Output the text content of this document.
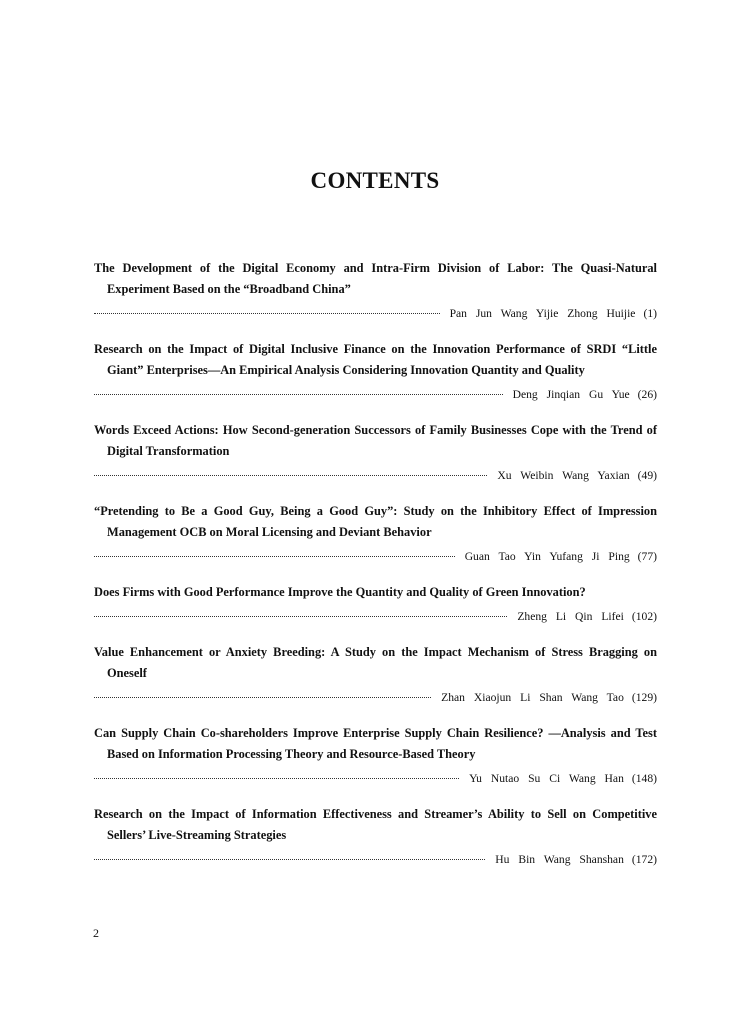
CONTENTS
The Development of the Digital Economy and Intra-Firm Division of Labor: The Quasi-Natural Experiment Based on the “Broadband China”
Pan Jun Wang Yijie Zhong Huijie (1)
Research on the Impact of Digital Inclusive Finance on the Innovation Performance of SRDI “Little Giant” Enterprises—An Empirical Analysis Considering Innovation Quantity and Quality
Deng Jinqian Gu Yue (26)
Words Exceed Actions: How Second-generation Successors of Family Businesses Cope with the Trend of Digital Transformation
Xu Weibin Wang Yaxian (49)
“Pretending to Be a Good Guy, Being a Good Guy”: Study on the Inhibitory Effect of Impression Management OCB on Moral Licensing and Deviant Behavior
Guan Tao Yin Yufang Ji Ping (77)
Does Firms with Good Performance Improve the Quantity and Quality of Green Innovation?
Zheng Li Qin Lifei (102)
Value Enhancement or Anxiety Breeding: A Study on the Impact Mechanism of Stress Bragging on Oneself
Zhan Xiaojun Li Shan Wang Tao (129)
Can Supply Chain Co-shareholders Improve Enterprise Supply Chain Resilience? —Analysis and Test Based on Information Processing Theory and Resource-Based Theory
Yu Nutao Su Ci Wang Han (148)
Research on the Impact of Information Effectiveness and Streamer’s Ability to Sell on Competitive Sellers’ Live-Streaming Strategies
Hu Bin Wang Shanshan (172)
2
